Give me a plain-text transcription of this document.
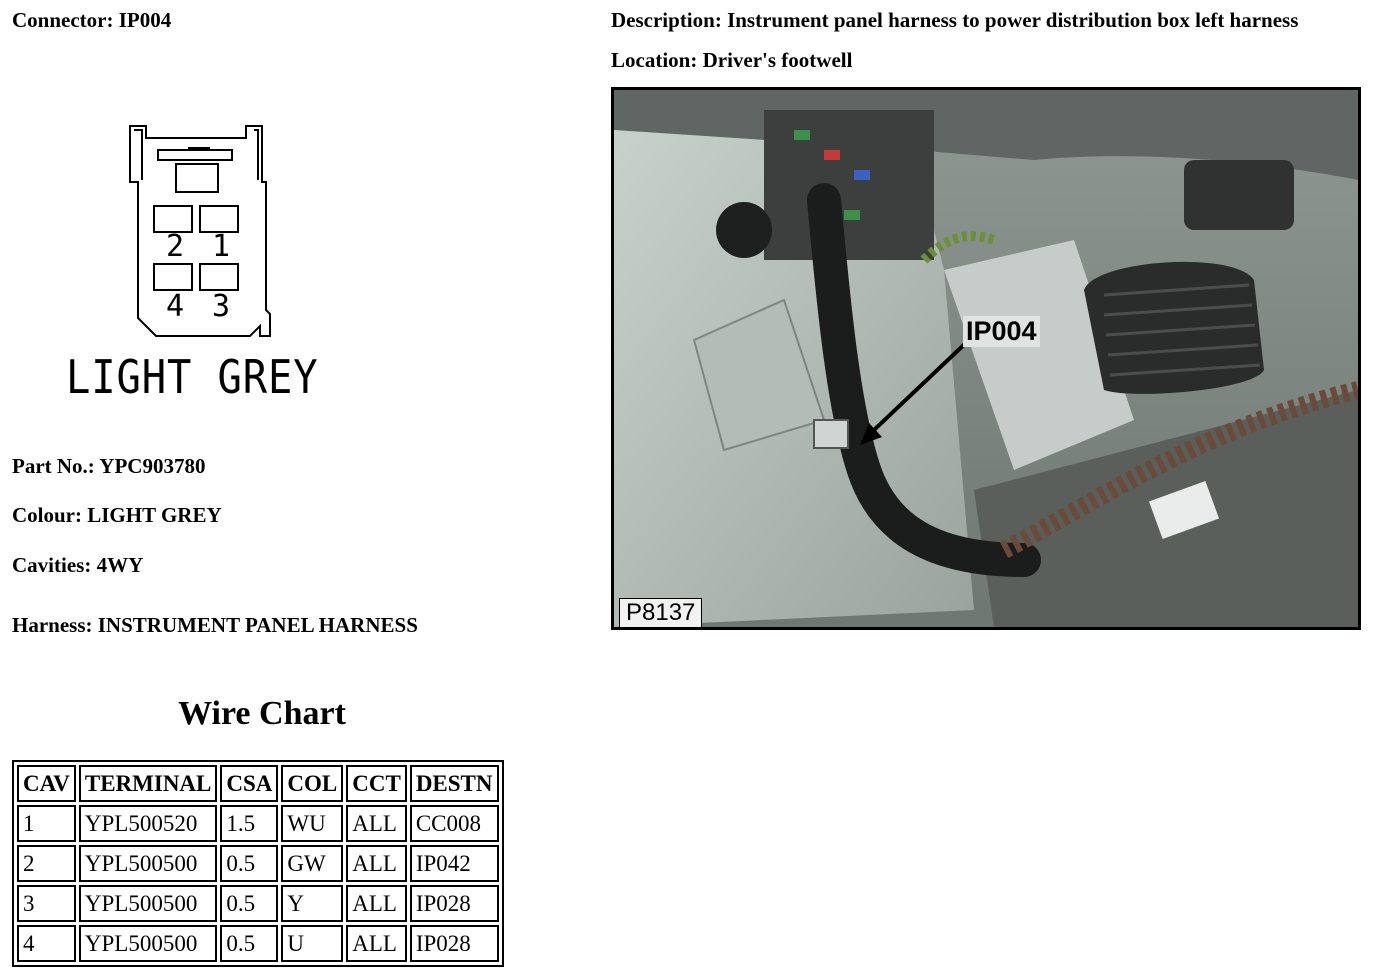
Connector: IP004	Description: Instrument panel harness to power distribution box left harness
Location: Driver's footwell
2 1
4 3
LIGHT GREY
IP004
P8137
Part No.: YPC903780
Colour: LIGHT GREY
Cavities: 4WY
Harness: INSTRUMENT PANEL HARNESS
Wire Chart
CAV	TERMINAL	CSA	COL	CCT	DESTN
1	YPL500520	1.5	WU	ALL	CC008
2	YPL500500	0.5	GW	ALL	IP042
3	YPL500500	0.5	Y	ALL	IP028
4	YPL500500	0.5	U	ALL	IP028
